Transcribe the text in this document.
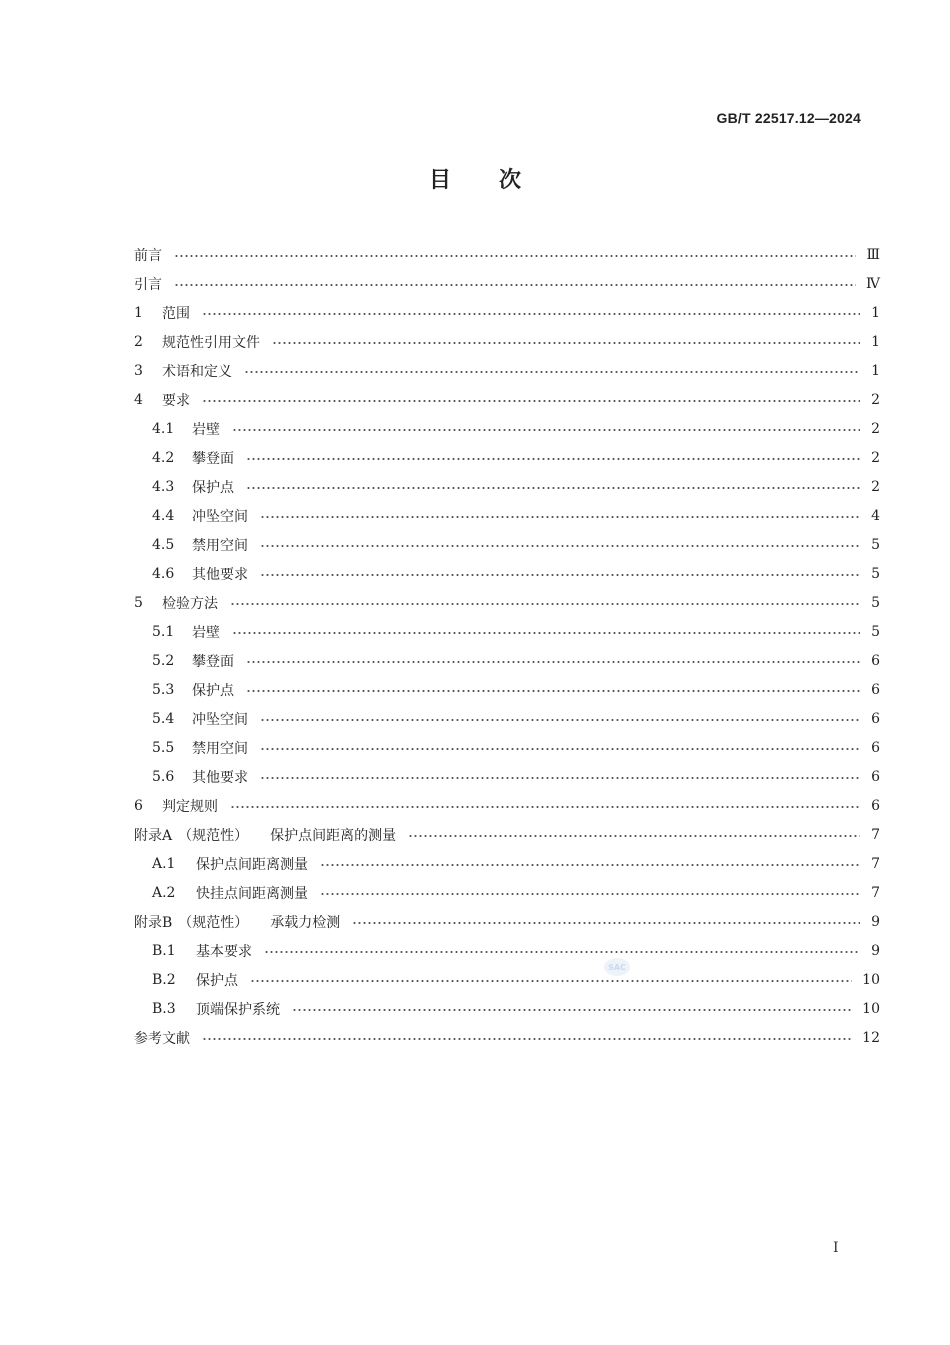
GB/T 22517.12—2024
目次
前言	Ⅲ
引言	Ⅳ
1	范围	1
2	规范性引用文件	1
3	术语和定义	1
4	要求	2
4.1	岩壁	2
4.2	攀登面	2
4.3	保护点	2
4.4	冲坠空间	4
4.5	禁用空间	5
4.6	其他要求	5
5	检验方法	5
5.1	岩壁	5
5.2	攀登面	6
5.3	保护点	6
5.4	冲坠空间	6
5.5	禁用空间	6
5.6	其他要求	6
6	判定规则	6
附录A （规范性） 保护点间距离的测量	7
A.1	保护点间距离测量	7
A.2	快挂点间距离测量	7
附录B （规范性） 承载力检测	9
B.1	基本要求	9
B.2	保护点	10
B.3	顶端保护系统	10
参考文献	12
SAC
Ⅰ
